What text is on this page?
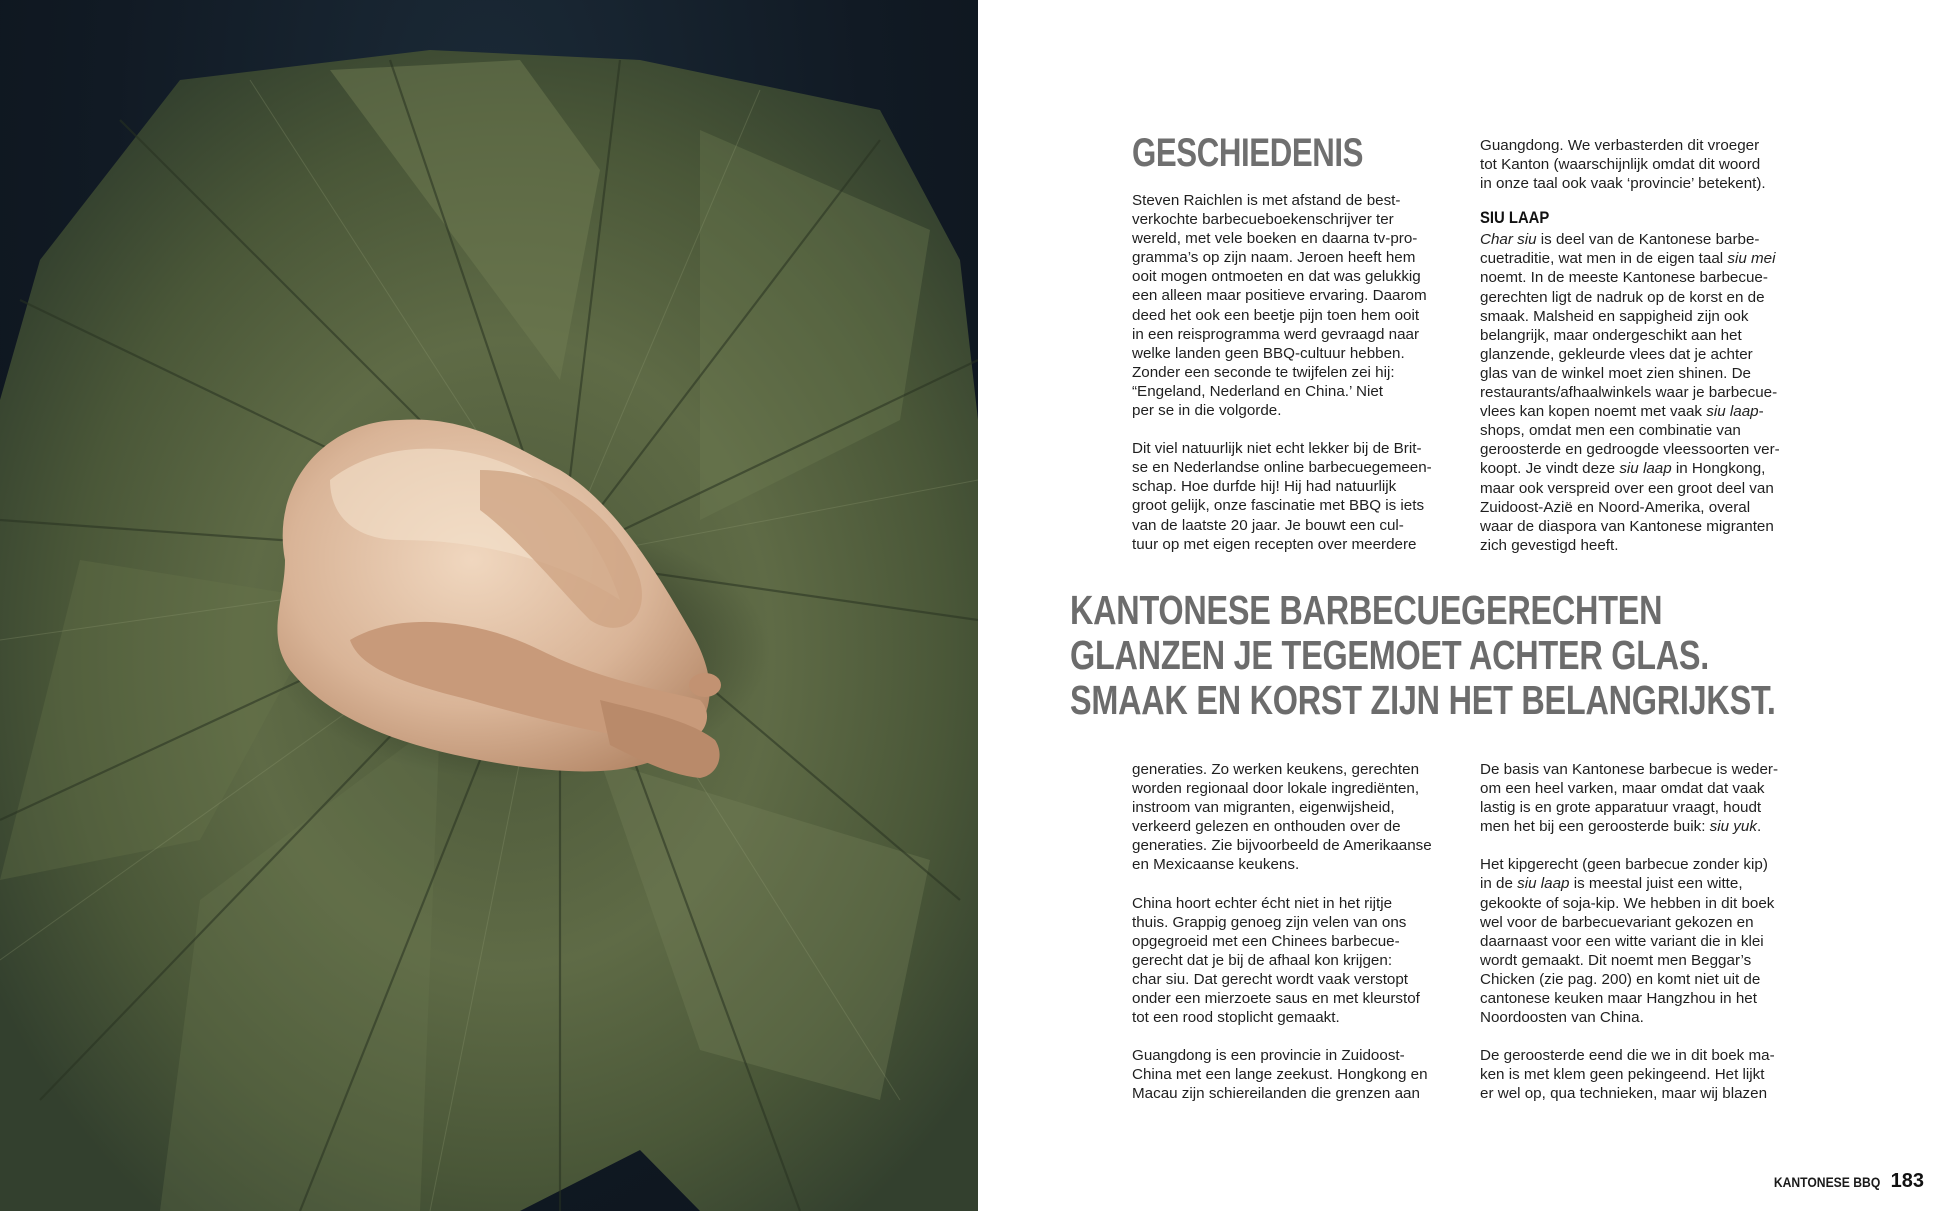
GESCHIEDENIS

Steven Raichlen is met afstand de best-
verkochte barbecueboekenschrijver ter
wereld, met vele boeken en daarna tv-pro-
gramma’s op zijn naam. Jeroen heeft hem
ooit mogen ontmoeten en dat was gelukkig
een alleen maar positieve ervaring. Daarom
deed het ook een beetje pijn toen hem ooit
in een reisprogramma werd gevraagd naar
welke landen geen BBQ-cultuur hebben.
Zonder een seconde te twijfelen zei hij:
“Engeland, Nederland en China.’ Niet
per se in die volgorde.

Dit viel natuurlijk niet echt lekker bij de Brit-
se en Nederlandse online barbecuegemeen-
schap. Hoe durfde hij! Hij had natuurlijk
groot gelijk, onze fascinatie met BBQ is iets
van de laatste 20 jaar. Je bouwt een cul-
tuur op met eigen recepten over meerdere

Guangdong. We verbasterden dit vroeger
tot Kanton (waarschijnlijk omdat dit woord
in onze taal ook vaak ‘provincie’ betekent).

SIU LAAP

Char siu is deel van de Kantonese barbe-
cuetraditie, wat men in de eigen taal siu mei
noemt. In de meeste Kantonese barbecue-
gerechten ligt de nadruk op de korst en de
smaak. Malsheid en sappigheid zijn ook
belangrijk, maar ondergeschikt aan het
glanzende, gekleurde vlees dat je achter
glas van de winkel moet zien shinen. De
restaurants/afhaalwinkels waar je barbecue-
vlees kan kopen noemt met vaak siu laap-
shops, omdat men een combinatie van
geroosterde en gedroogde vleessoorten ver-
koopt. Je vindt deze siu laap in Hongkong,
maar ook verspreid over een groot deel van
Zuidoost-Azië en Noord-Amerika, overal
waar de diaspora van Kantonese migranten
zich gevestigd heeft.

KANTONESE BARBECUEGERECHTEN
GLANZEN JE TEGEMOET ACHTER GLAS.
SMAAK EN KORST ZIJN HET BELANGRIJKST.

generaties. Zo werken keukens, gerechten
worden regionaal door lokale ingrediënten,
instroom van migranten, eigenwijsheid,
verkeerd gelezen en onthouden over de
generaties. Zie bijvoorbeeld de Amerikaanse
en Mexicaanse keukens.

China hoort echter écht niet in het rijtje
thuis. Grappig genoeg zijn velen van ons
opgegroeid met een Chinees barbecue-
gerecht dat je bij de afhaal kon krijgen:
char siu. Dat gerecht wordt vaak verstopt
onder een mierzoete saus en met kleurstof
tot een rood stoplicht gemaakt.

Guangdong is een provincie in Zuidoost-
China met een lange zeekust. Hongkong en
Macau zijn schiereilanden die grenzen aan

De basis van Kantonese barbecue is weder-
om een heel varken, maar omdat dat vaak
lastig is en grote apparatuur vraagt, houdt
men het bij een geroosterde buik: siu yuk.

Het kipgerecht (geen barbecue zonder kip)
in de siu laap is meestal juist een witte,
gekookte of soja-kip. We hebben in dit boek
wel voor de barbecuevariant gekozen en
daarnaast voor een witte variant die in klei
wordt gemaakt. Dit noemt men Beggar’s
Chicken (zie pag. 200) en komt niet uit de
cantonese keuken maar Hangzhou in het
Noordoosten van China.

De geroosterde eend die we in dit boek ma-
ken is met klem geen pekingeend. Het lijkt
er wel op, qua technieken, maar wij blazen

KANTONESE BBQ 183
